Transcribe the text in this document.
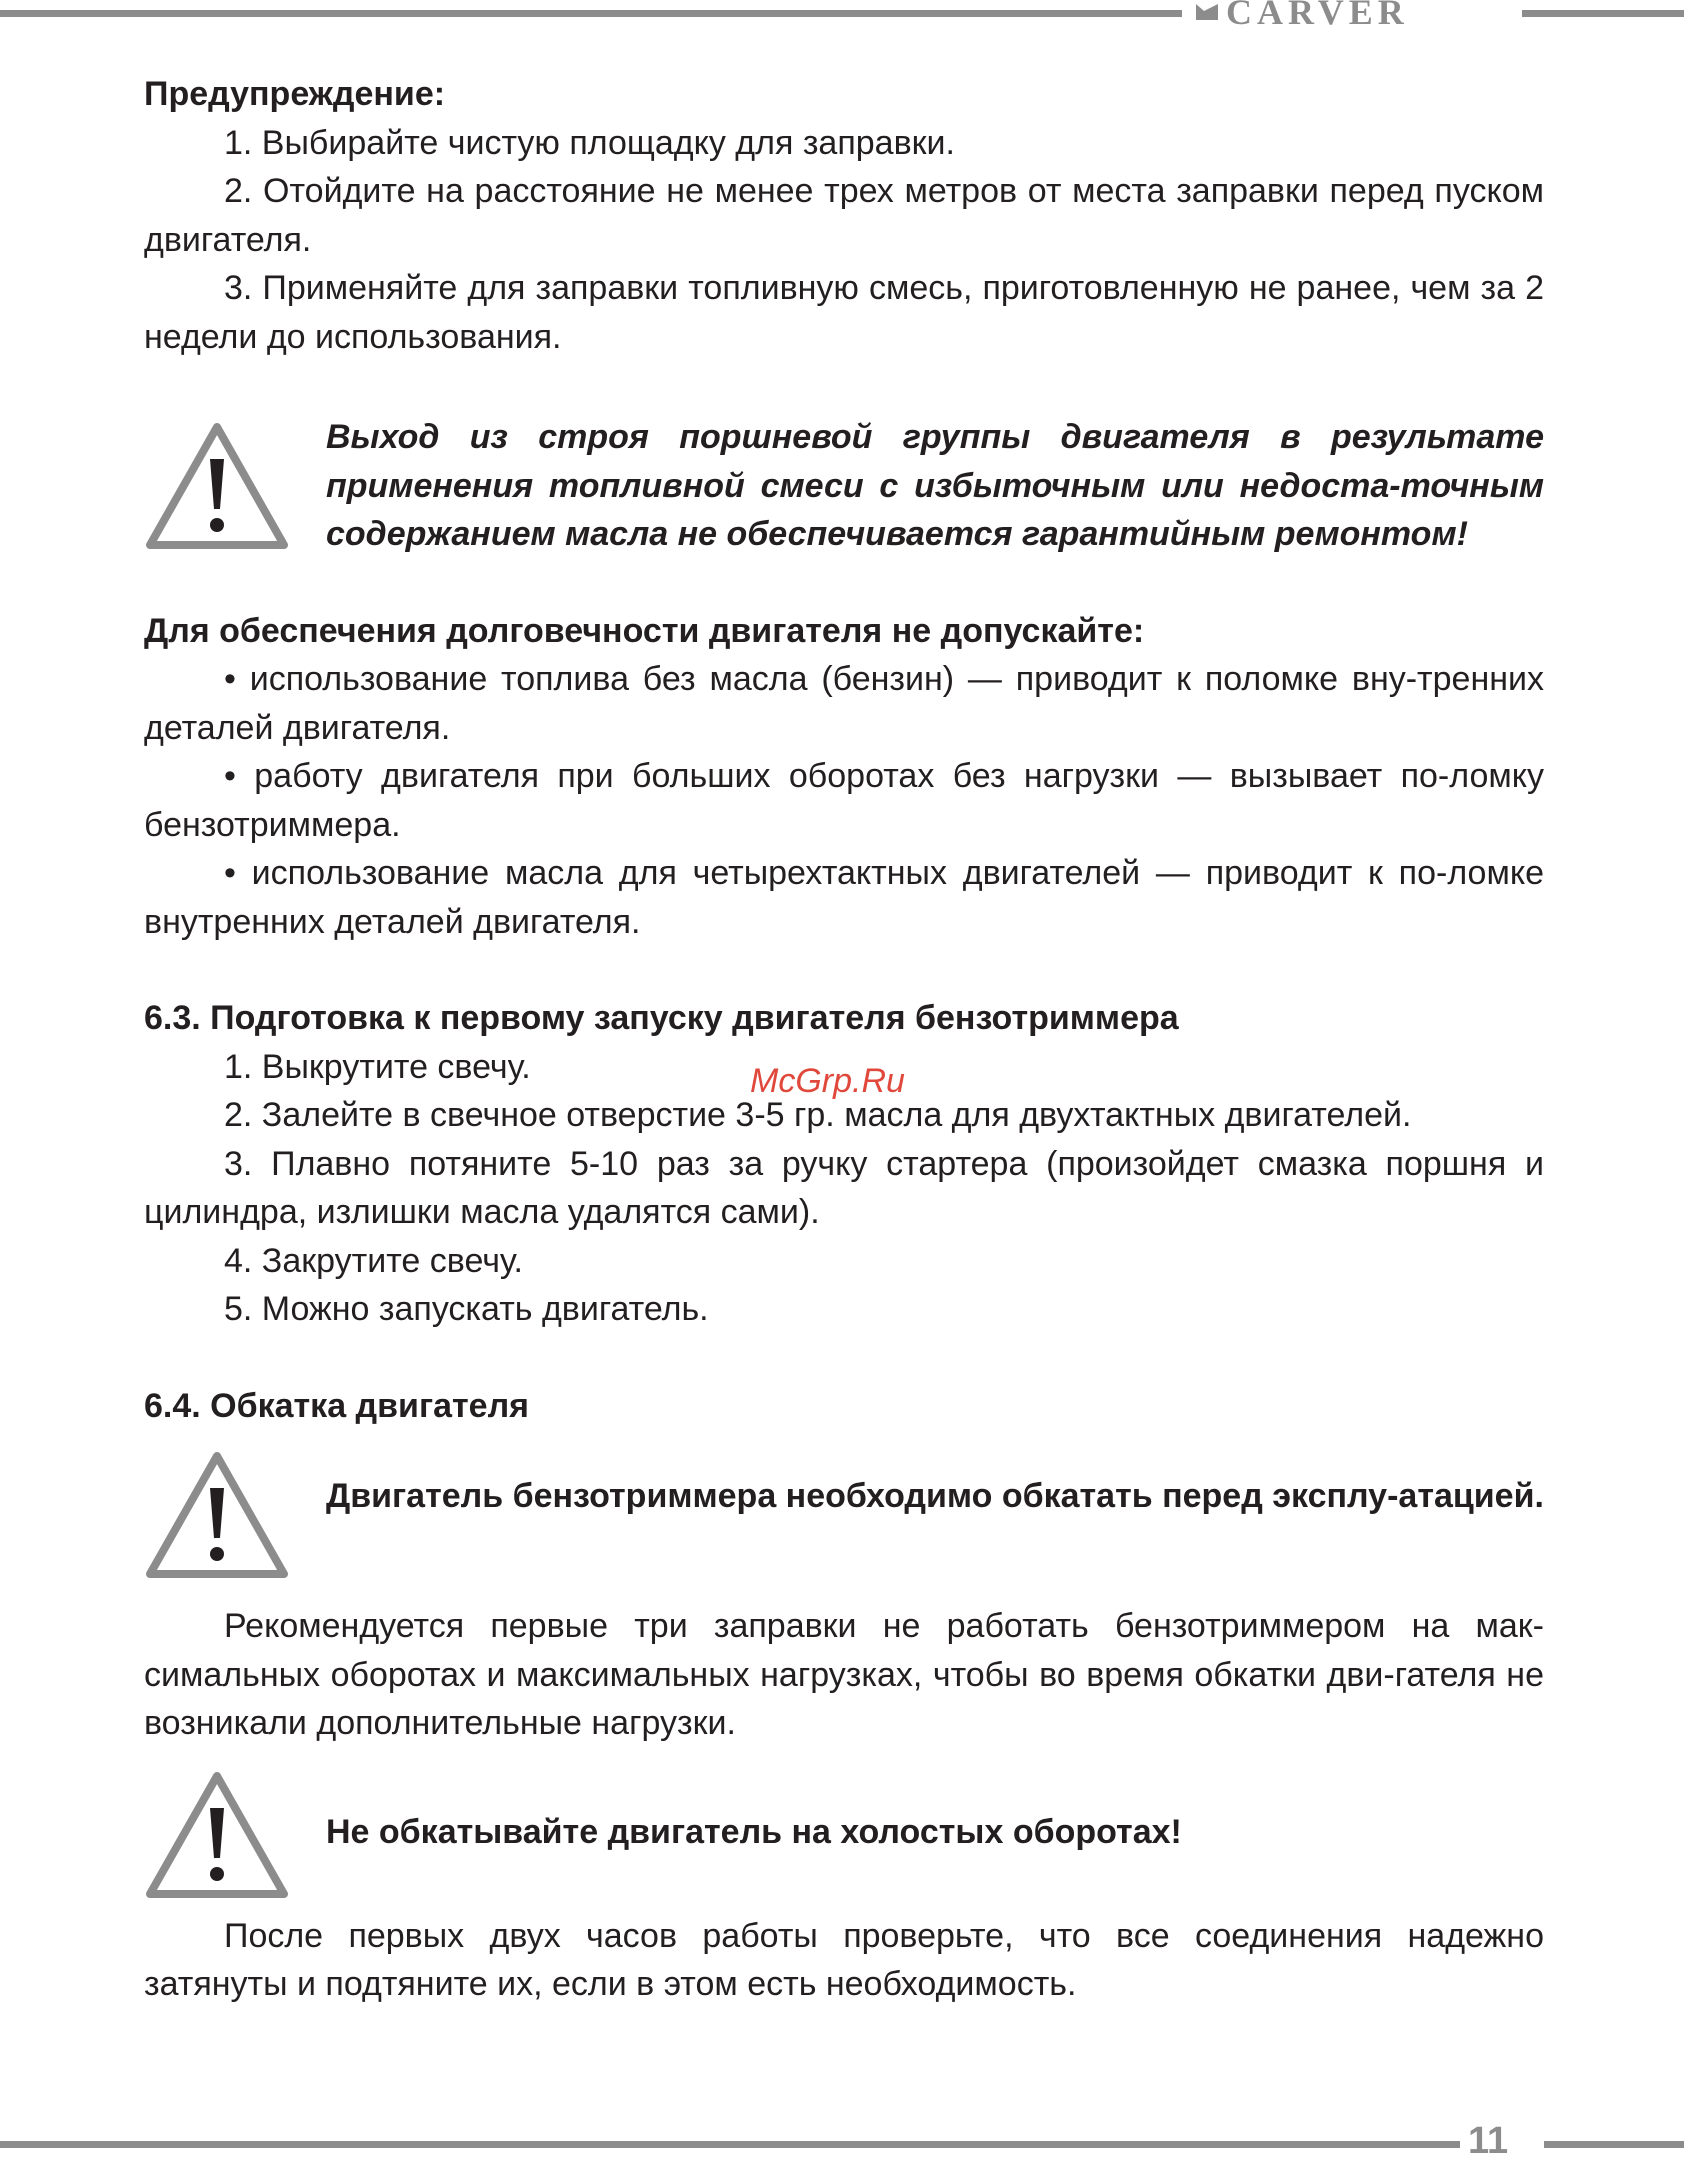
CARVER

Предупреждение:

1. Выбирайте чистую площадку для заправки.

2. Отойдите на расстояние не менее трех метров от места заправки перед пуском двигателя.

3. Применяйте для заправки топливную смесь, приготовленную не ранее, чем за 2 недели до использования.

Выход из строя поршневой группы двигателя в результате применения топливной смеси с избыточным или недоста-точным содержанием масла не обеспечивается гарантийным ремонтом!

Для обеспечения долговечности двигателя не допускайте:

• использование топлива без масла (бензин) — приводит к поломке вну-тренних деталей двигателя.

• работу двигателя при больших оборотах без нагрузки — вызывает по-ломку бензотриммера.

• использование масла для четырехтактных двигателей — приводит к по-ломке внутренних деталей двигателя.

6.3. Подготовка к первому запуску двигателя бензотриммера

1. Выкрутите свечу.

2. Залейте в свечное отверстие 3-5 гр. масла для двухтактных двигателей.

3. Плавно потяните 5-10 раз за ручку стартера (произойдет смазка поршня и цилиндра, излишки масла удалятся сами).

4. Закрутите свечу.

5. Можно запускать двигатель.

6.4. Обкатка двигателя

Двигатель бензотриммера необходимо обкатать перед эксплу-атацией.

Рекомендуется первые три заправки не работать бензотриммером на мак-симальных оборотах и максимальных нагрузках, чтобы во время обкатки дви-гателя не возникали дополнительные нагрузки.

Не обкатывайте двигатель на холостых оборотах!

После первых двух часов работы проверьте, что все соединения надежно затянуты и подтяните их, если в этом есть необходимость.

McGrp.Ru
11
